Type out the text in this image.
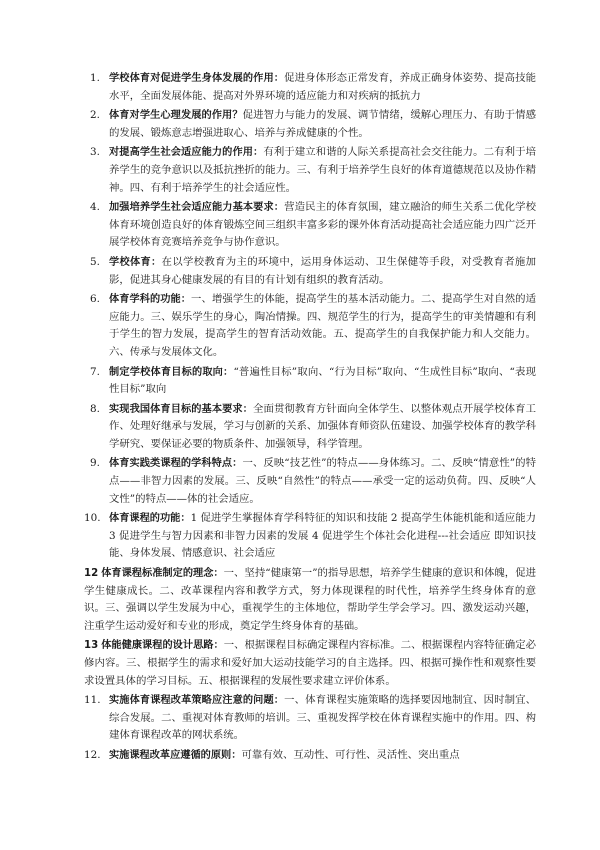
1. 学校体育对促进学生身体发展的作用：促进身体形态正常发育，养成正确身体姿势、提高技能水平，全面发展体能、提高对外界环境的适应能力和对疾病的抵抗力
2. 体育对学生心理发展的作用？促进智力与能力的发展、调节情绪，缓解心理压力、有助于情感的发展、锻炼意志增强进取心、培养与养成健康的个性。
3. 对提高学生社会适应能力的作用：有利于建立和谐的人际关系提高社会交往能力。二有利于培养学生的竞争意识以及抵抗挫折的能力。三、有利于培养学生良好的体育道德规范以及协作精神。四、有利于培养学生的社会适应性。
4. 加强培养学生社会适应能力基本要求：营造民主的体育氛围，建立融洽的师生关系二优化学校体育环境创造良好的体育锻炼空间三组织丰富多彩的课外体育活动提高社会适应能力四广泛开展学校体育竞赛培养竞争与协作意识。
5. 学校体育：在以学校教育为主的环境中，运用身体运动、卫生保健等手段，对受教育者施加影，促进其身心健康发展的有目的有计划有组织的教育活动。
6. 体育学科的功能：一、增强学生的体能，提高学生的基本活动能力。二、提高学生对自然的适应能力。三、娱乐学生的身心，陶冶情操。四、规范学生的行为，提高学生的审美情趣和有利于学生的智力发展，提高学生的智育活动效能。五、提高学生的自我保护能力和人交能力。六、传承与发展体文化。
7. 制定学校体育目标的取向：“普遍性目标”取向、“行为目标”取向、“生成性目标”取向、“表现性目标”取向
8. 实现我国体育目标的基本要求：全面贯彻教育方针面向全体学生、以整体观点开展学校体育工作、处理好继承与发展，学习与创新的关系、加强体育师资队伍建设、加强学校体育的教学科学研究、要保证必要的物质条件、加强领导，科学管理。
9. 体育实践类课程的学科特点：一、反映“技艺性”的特点——身体练习。二、反映“情意性”的特点——非智力因素的发展。三、反映“自然性”的特点——承受一定的运动负荷。四、反映“人文性”的特点——体的社会适应。
10. 体育课程的功能：1 促进学生掌握体育学科特征的知识和技能 2 提高学生体能机能和适应能力 3 促进学生与智力因素和非智力因素的发展 4 促进学生个体社会化进程---社会适应 即知识技能、身体发展、情感意识、社会适应
12 体育课程标准制定的理念：一、坚持“健康第一”的指导思想，培养学生健康的意识和体魄，促进学生健康成长。二、改革课程内容和教学方式，努力体现课程的时代性，培养学生终身体育的意识。三、强调以学生发展为中心，重视学生的主体地位，帮助学生学会学习。四、激发运动兴趣，注重学生运动爱好和专业的形成，奠定学生终身体育的基础。
13 体能健康课程的设计思路：一、根据课程目标确定课程内容标准。二、根据课程内容特征确定必修内容。三、根据学生的需求和爱好加大运动技能学习的自主选择。四、根据可操作性和观察性要求设置具体的学习目标。五、根据课程的发展性要求建立评价体系。
11. 实施体育课程改革策略应注意的问题：一、体育课程实施策略的选择要因地制宜、因时制宜、综合发展。二、重视对体育教师的培训。三、重视发挥学校在体育课程实施中的作用。四、构建体育课程改革的网状系统。
12. 实施课程改革应遵循的原则：可靠有效、互动性、可行性、灵活性、突出重点
